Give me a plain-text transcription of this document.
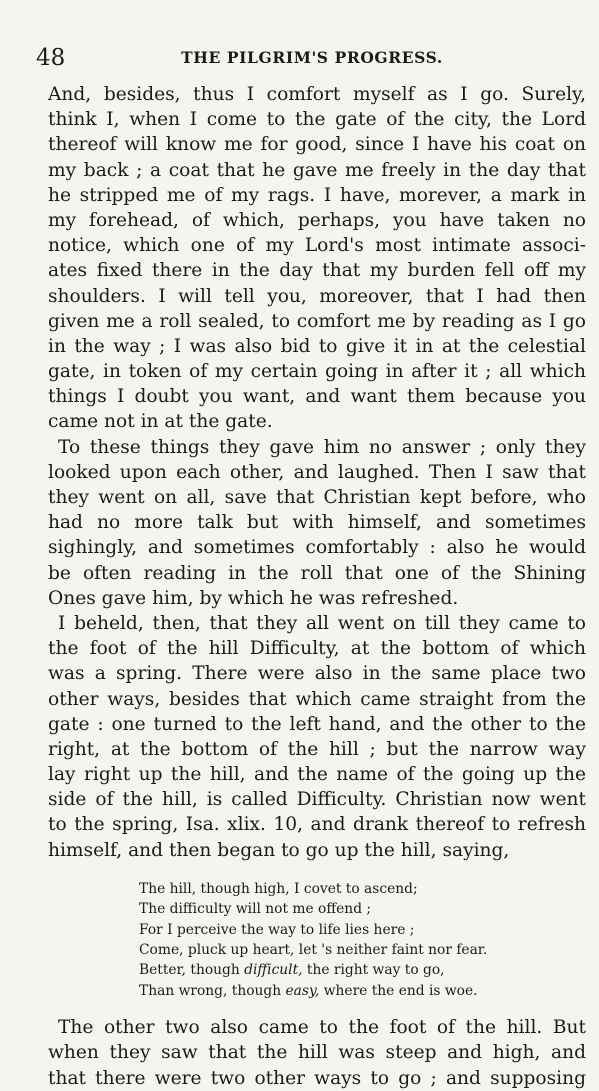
48	THE PILGRIM'S PROGRESS.
And, besides, thus I comfort myself as I go. Surely,
think I, when I come to the gate of the city, the Lord
thereof will know me for good, since I have his coat on
my back ; a coat that he gave me freely in the day that
he stripped me of my rags. I have, morever, a mark in
my forehead, of which, perhaps, you have taken no
notice, which one of my Lord's most intimate associ-
ates fixed there in the day that my burden fell off my
shoulders. I will tell you, moreover, that I had then
given me a roll sealed, to comfort me by reading as I go
in the way ; I was also bid to give it in at the celestial
gate, in token of my certain going in after it ; all which
things I doubt you want, and want them because you
came not in at the gate.
To these things they gave him no answer ; only they
looked upon each other, and laughed. Then I saw that
they went on all, save that Christian kept before, who
had no more talk but with himself, and sometimes
sighingly, and sometimes comfortably : also he would
be often reading in the roll that one of the Shining
Ones gave him, by which he was refreshed.
I beheld, then, that they all went on till they came to
the foot of the hill Difficulty, at the bottom of which
was a spring. There were also in the same place two
other ways, besides that which came straight from the
gate : one turned to the left hand, and the other to the
right, at the bottom of the hill ; but the narrow way
lay right up the hill, and the name of the going up the
side of the hill, is called Difficulty. Christian now went
to the spring, Isa. xlix. 10, and drank thereof to refresh
himself, and then began to go up the hill, saying,
The hill, though high, I covet to ascend;
The difficulty will not me offend ;
For I perceive the way to life lies here ;
Come, pluck up heart, let 's neither faint nor fear.
Better, though difficult, the right way to go,
Than wrong, though easy, where the end is woe.
The other two also came to the foot of the hill. But
when they saw that the hill was steep and high, and
that there were two other ways to go ; and supposing
